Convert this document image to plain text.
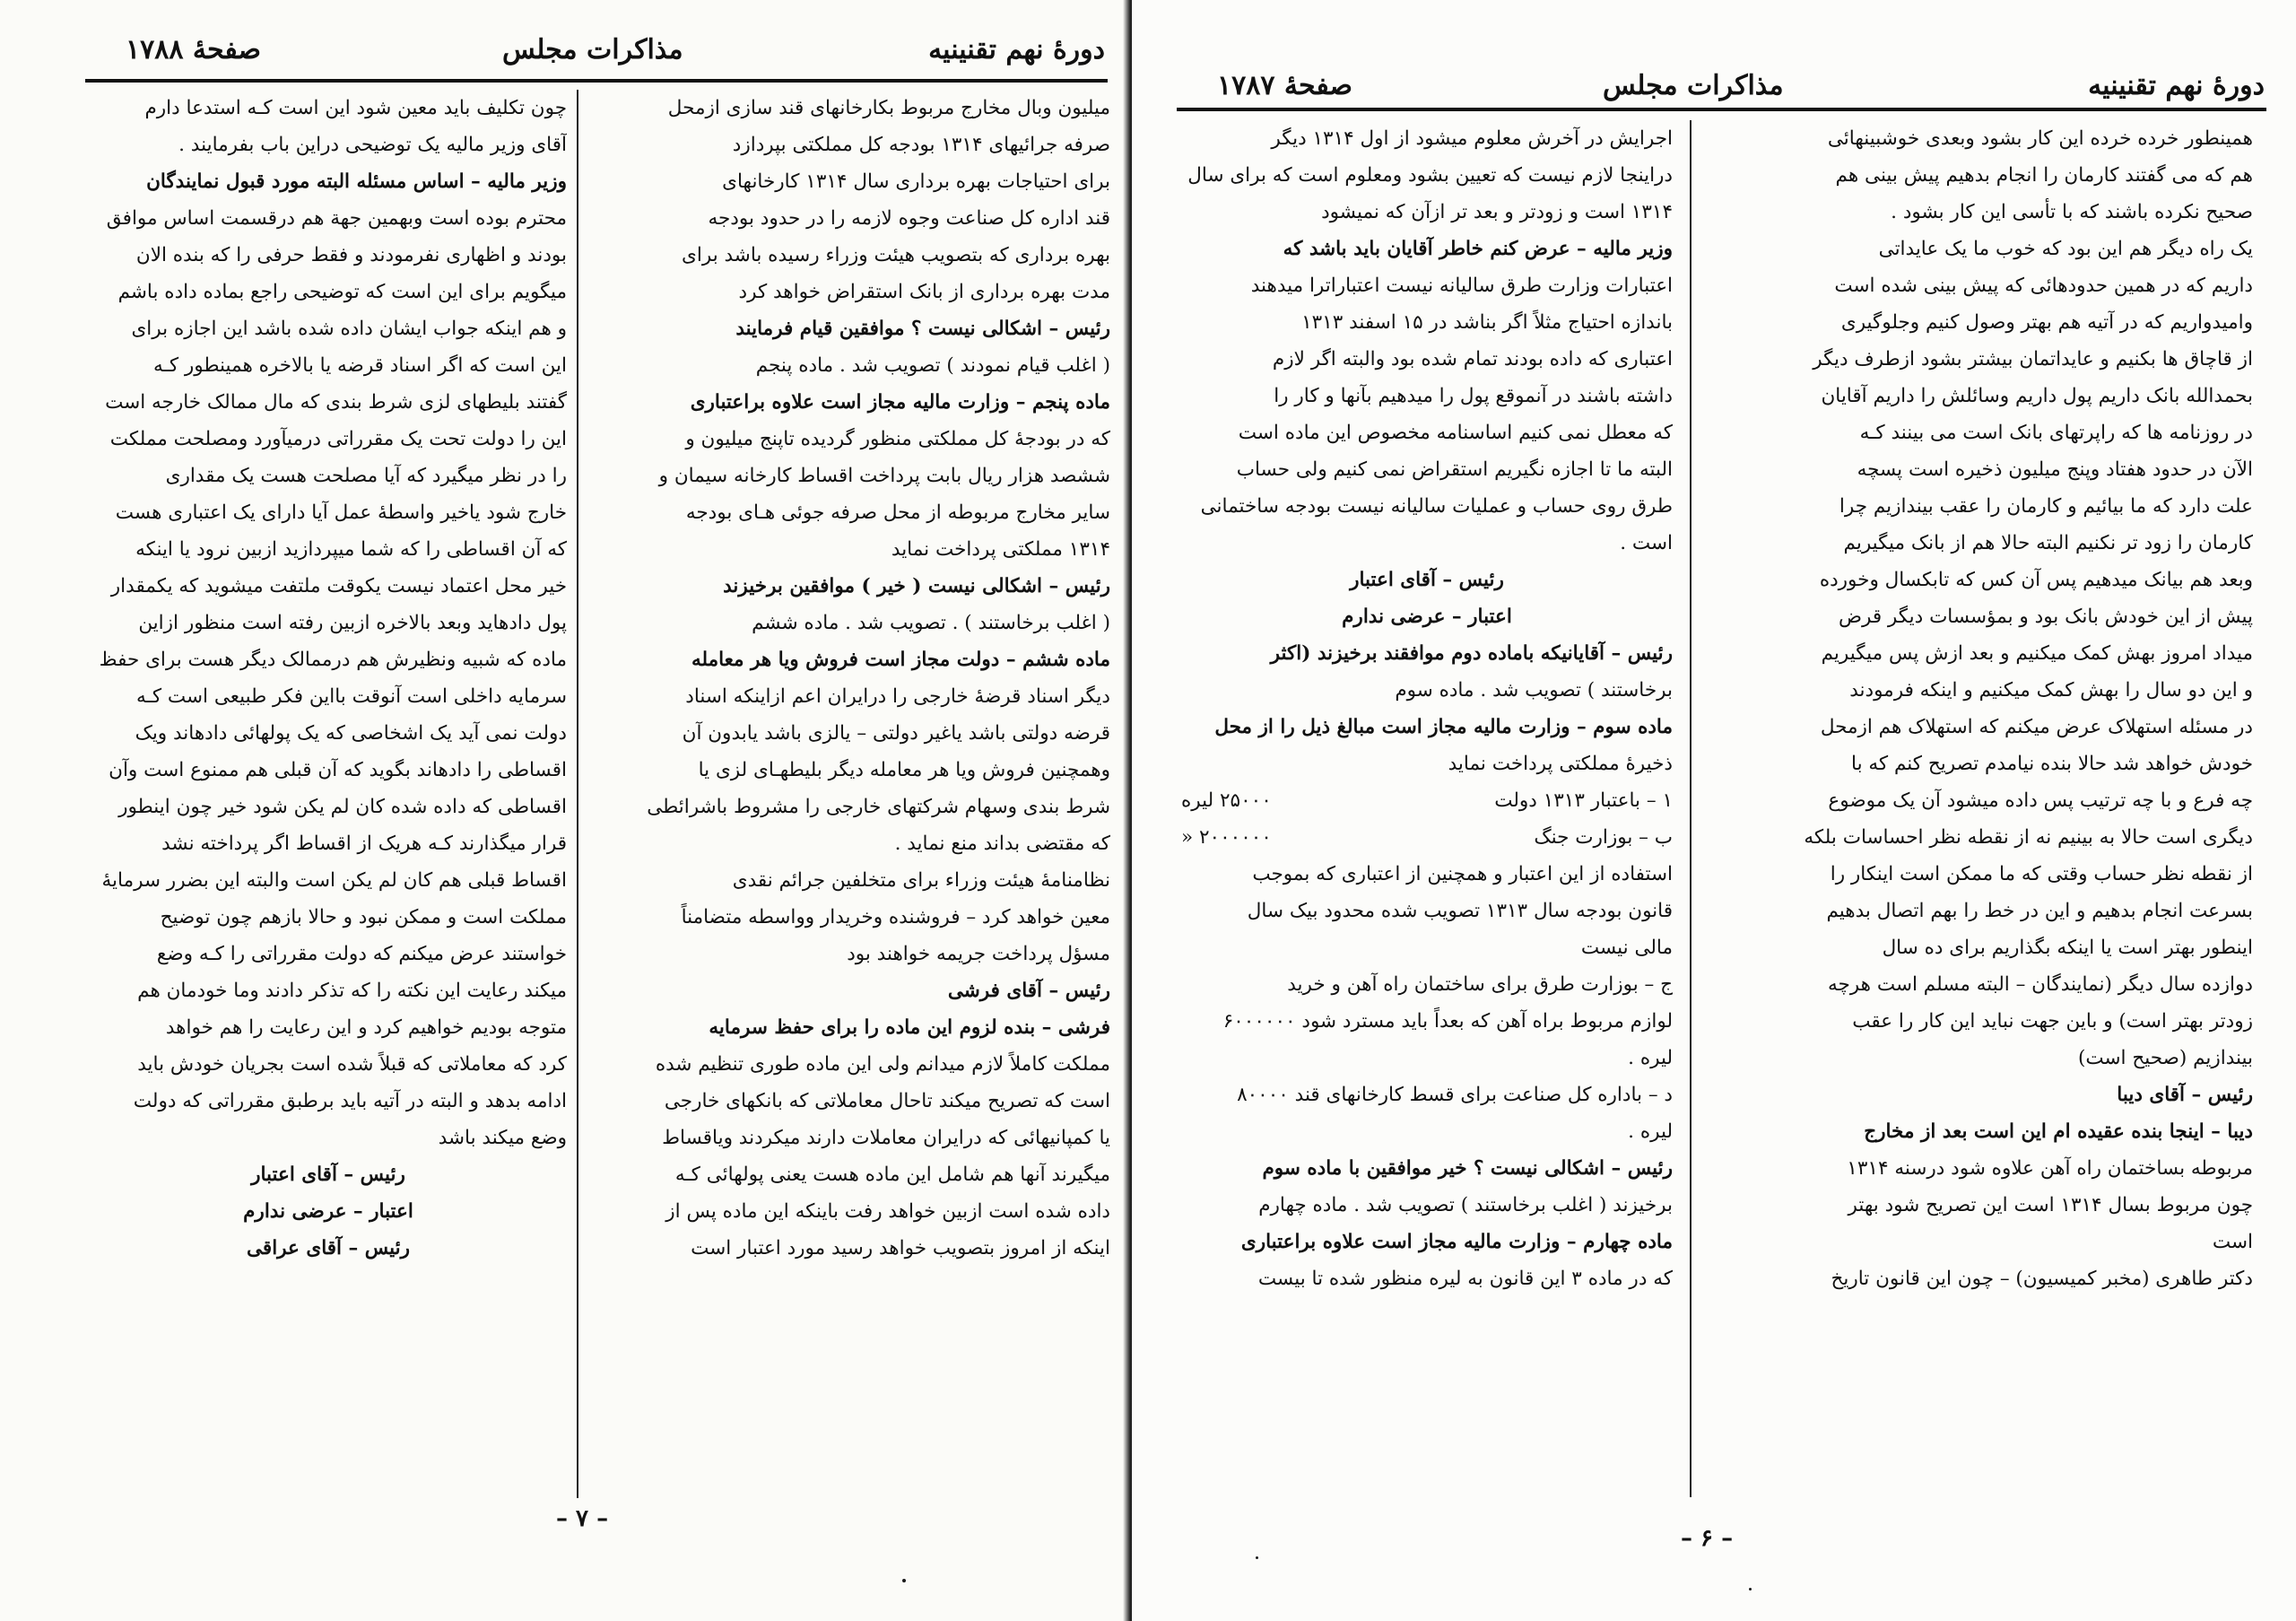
دورهٔ نهم تقنینیه
مذاکرات مجلس
صفحهٔ ۱۷۸۸

میلیون وبال مخارج مربوط بکارخانهای قند سازی ازمحل

صرفه جرائیهای ۱۳۱۴ بودجه کل مملکتی بپردازد

برای احتیاجات بهره برداری سال ۱۳۱۴ کارخانهای

قند اداره کل صناعت وجوه لازمه را در حدود بودجه

بهره برداری که بتصویب هیئت وزراء رسیده باشد برای

مدت بهره برداری از بانک استقراض خواهد کرد

رئیس – اشکالی نیست ؟ موافقین قیام فرمایند

( اغلب قیام نمودند ) تصویب شد . ماده پنجم

ماده پنجم – وزارت مالیه مجاز است علاوه براعتباری

که در بودجهٔ کل مملکتی منظور گردیده تاپنج میلیون و

ششصد هزار ریال بابت پرداخت اقساط کارخانه سیمان و

سایر مخارج مربوطه از محل صرفه جوئی هـای بودجه

۱۳۱۴ مملکتی پرداخت نماید

رئیس – اشکالی نیست ( خیر ) موافقین برخیزند

( اغلب برخاستند ) . تصویب شد . ماده ششم

ماده ششم – دولت مجاز است فروش ویا هر معامله

دیگر اسناد قرضهٔ خارجی را درایران اعم ازاینکه اسناد

قرضه دولتی باشد یاغیر دولتی – یالزی باشد یابدون آن

وهمچنین فروش ویا هر معامله دیگر بلیطهـای لزی یا

شرط بندی وسهام شرکتهای خارجی را مشروط باشرائطی

که مقتضی بداند منع نماید .

نظامنامهٔ هیئت وزراء برای متخلفین جرائم نقدی

معین خواهد کرد – فروشنده وخریدار وواسطه متضامناً

مسؤل پرداخت جریمه خواهند بود

رئیس – آقای فرشی

فرشی – بنده لزوم این ماده را برای حفظ سرمایه

مملکت کاملاً لازم میدانم ولی این ماده طوری تنظیم شده

است که تصریح میکند تاحال معاملاتی که بانکهای خارجی

یا کمپانیهائی که درایران معاملات دارند میکردند ویاقساط

میگیرند آنها هم شامل این ماده هست یعنی پولهائی کـه

داده شده است ازبین خواهد رفت باینکه این ماده پس از

اینکه از امروز بتصویب خواهد رسید مورد اعتبار است

چون تکلیف باید معین شود این است کـه استدعا دارم

آقای وزیر مالیه یک توضیحی دراین باب بفرمایند .

وزیر مالیه – اساس مسئله البته مورد قبول نمایندگان

محترم بوده است وبهمین جهة هم درقسمت اساس موافق

بودند و اظهاری نفرمودند و فقط حرفی را که بنده الان

میگویم برای این است که توضیحی راجع بماده داده باشم

و هم اینکه جواب ایشان داده شده باشد این اجازه برای

این است که اگر اسناد قرضه یا بالاخره همینطور کـه

گفتند بلیطهای لزی شرط بندی که مال ممالک خارجه است

این را دولت تحت یک مقرراتی درمیآورد ومصلحت مملکت

را در نظر میگیرد که آیا مصلحت هست یک مقداری

خارج شود یاخیر واسطهٔ عمل آیا دارای یک اعتباری هست

که آن اقساطی را که شما میپردازید ازبین نرود یا اینکه

خیر محل اعتماد نیست یکوقت ملتفت میشوید که یکمقدار

پول دادهاید وبعد بالاخره ازبین رفته است منظور ازاین

ماده که شبیه ونظیرش هم درممالک دیگر هست برای حفظ

سرمایه داخلی است آنوقت بااین فکر طبیعی است کـه

دولت نمی آید یک اشخاصی که یک پولهائی دادهاند ویک

اقساطی را دادهاند بگوید که آن قبلی هم ممنوع است وآن

اقساطی که داده شده کان لم یکن شود خیر چون اینطور

قرار میگذارند کـه هریک از اقساط اگر پرداخته نشد

اقساط قبلی هم کان لم یکن است والبته این بضرر سرمایهٔ

مملکت است و ممکن نبود و حالا بازهم چون توضیح

خواستند عرض میکنم که دولت مقرراتی را کـه وضع

میکند رعایت این نکته را که تذکر دادند وما خودمان هم

متوجه بودیم خواهیم کرد و این رعایت را هم خواهد

کرد که معاملاتی که قبلاً شده است بجریان خودش باید

ادامه بدهد و البته در آتیه باید برطبق مقرراتی که دولت

وضع میکند باشد

رئیس – آقای اعتبار

اعتبار – عرضی ندارم

رئیس – آقای عراقی

– ۷ –
دورهٔ نهم تقنینیه
مذاکرات مجلس
صفحهٔ ۱۷۸۷

همینطور خرده خرده این کار بشود وبعدی خوشبینهائی

هم که می گفتند کارمان را انجام بدهیم پیش بینی هم

صحیح نکرده باشند که با تأسی این کار بشود .

یک راه دیگر هم این بود که خوب ما یک عایداتی

داریم که در همین حدودهائی که پیش بینی شده است

وامیدواریم که در آتیه هم بهتر وصول کنیم وجلوگیری

از قاچاق ها بکنیم و عایداتمان بیشتر بشود ازطرف دیگر

بحمدالله بانک داریم پول داریم وسائلش را داریم آقایان

در روزنامه ها که راپرتهای بانک است می بینند کـه

الآن در حدود هفتاد وپنج میلیون ذخیره است پسچه

علت دارد که ما بیائیم و کارمان را عقب بیندازیم چرا

کارمان را زود تر نکنیم البته حالا هم از بانک میگیریم

وبعد هم بیانک میدهیم پس آن کس که تابکسال وخورده

پیش از این خودش بانک بود و بمؤسسات دیگر قرض

میداد امروز بهش کمک میکنیم و بعد ازش پس میگیریم

و این دو سال را بهش کمک میکنیم و اینکه فرمودند

در مسئله استهلاک عرض میکنم که استهلاک هم ازمحل

خودش خواهد شد حالا بنده نیامدم تصریح کنم که با

چه فرع و با چه ترتیب پس داده میشود آن یک موضوع

دیگری است حالا به بینیم نه از نقطه نظر احساسات بلکه

از نقطه نظر حساب وقتی که ما ممکن است اینکار را

بسرعت انجام بدهیم و این در خط را بهم اتصال بدهیم

اینطور بهتر است یا اینکه بگذاریم برای ده سال

دوازده سال دیگر (نمایندگان – البته مسلم است هرچه

زودتر بهتر است) و باین جهت نباید این کار را عقب

بیندازیم (صحیح است)

رئیس – آقای دیبا

دیبا – اینجا بنده عقیده ام این است بعد از مخارج

مربوطه بساختمان راه آهن علاوه شود درسنه ۱۳۱۴

چون مربوط بسال ۱۳۱۴ است این تصریح شود بهتر

است

دکتر طاهری (مخبر کمیسیون) – چون این قانون تاریخ

اجرایش در آخرش معلوم میشود از اول ۱۳۱۴ دیگر

دراینجا لازم نیست که تعیین بشود ومعلوم است که برای سال

۱۳۱۴ است و زودتر و بعد تر ازآن که نمیشود

وزیر مالیه – عرض کنم خاطر آقایان باید باشد که

اعتبارات وزارت طرق سالیانه نیست اعتباراترا میدهند

باندازه احتیاج مثلاً اگر بناشد در ۱۵ اسفند ۱۳۱۳

اعتباری که داده بودند تمام شده بود والبته اگر لازم

داشته باشند در آنموقع پول را میدهیم بآنها و کار را

که معطل نمی کنیم اساسنامه مخصوص این ماده است

البته ما تا اجازه نگیریم استقراض نمی کنیم ولی حساب

طرق روی حساب و عملیات سالیانه نیست بودجه ساختمانی

است .

رئیس – آقای اعتبار

اعتبار – عرضی ندارم

رئیس – آقایانیکه باماده دوم موافقند برخیزند (اکثر

برخاستند ) تصویب شد . ماده سوم

ماده سوم – وزارت مالیه مجاز است مبالغ ذیل را از محل

ذخیرهٔ مملکتی پرداخت نماید

۱ – باعتبار ۱۳۱۳ دولت
۲۵۰۰۰ لیره

ب – بوزارت جنگ
۲۰۰۰۰۰۰ «

استفاده از این اعتبار و همچنین از اعتباری که بموجب

قانون بودجه سال ۱۳۱۳ تصویب شده محدود بیک سال

مالی نیست

ج – بوزارت طرق برای ساختمان راه آهن و خرید

لوازم مربوط براه آهن که بعداً باید مسترد شود ۶۰۰۰۰۰۰

لیره .

د – باداره کل صناعت برای قسط کارخانهای قند ۸۰۰۰۰

لیره .

رئیس – اشکالی نیست ؟ خیر موافقین با ماده سوم

برخیزند ( اغلب برخاستند ) تصویب شد . ماده چهارم

ماده چهارم – وزارت مالیه مجاز است علاوه براعتباری

که در ماده ۳ این قانون به لیره منظور شده تا بیست

– ۶ –
